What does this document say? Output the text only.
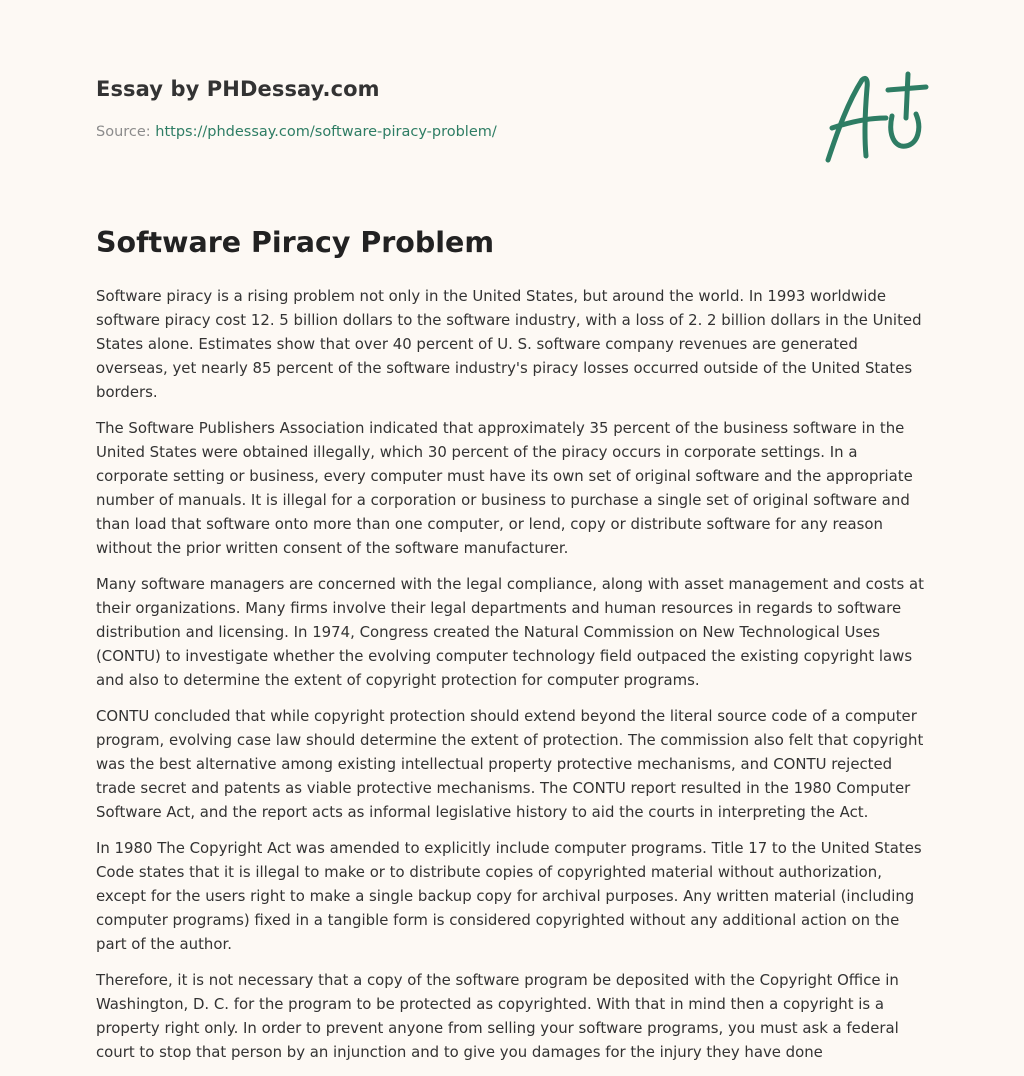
Essay by PHDessay.com
Source: https://phdessay.com/software-piracy-problem/
Software Piracy Problem

Software piracy is a rising problem not only in the United States, but around the world. In 1993 worldwide software piracy cost 12. 5 billion dollars to the software industry, with a loss of 2. 2 billion dollars in the United States alone. Estimates show that over 40 percent of U. S. software company revenues are generated overseas, yet nearly 85 percent of the software industry's piracy losses occurred outside of the United States borders.

The Software Publishers Association indicated that approximately 35 percent of the business software in the United States were obtained illegally, which 30 percent of the piracy occurs in corporate settings. In a corporate setting or business, every computer must have its own set of original software and the appropriate number of manuals. It is illegal for a corporation or business to purchase a single set of original software and than load that software onto more than one computer, or lend, copy or distribute software for any reason without the prior written consent of the software manufacturer.

Many software managers are concerned with the legal compliance, along with asset management and costs at their organizations. Many firms involve their legal departments and human resources in regards to software distribution and licensing. In 1974, Congress created the Natural Commission on New Technological Uses (CONTU) to investigate whether the evolving computer technology field outpaced the existing copyright laws and also to determine the extent of copyright protection for computer programs.

CONTU concluded that while copyright protection should extend beyond the literal source code of a computer program, evolving case law should determine the extent of protection. The commission also felt that copyright was the best alternative among existing intellectual property protective mechanisms, and CONTU rejected trade secret and patents as viable protective mechanisms. The CONTU report resulted in the 1980 Computer Software Act, and the report acts as informal legislative history to aid the courts in interpreting the Act.

In 1980 The Copyright Act was amended to explicitly include computer programs. Title 17 to the United States Code states that it is illegal to make or to distribute copies of copyrighted material without authorization, except for the users right to make a single backup copy for archival purposes. Any written material (including computer programs) fixed in a tangible form is considered copyrighted without any additional action on the part of the author.

Therefore, it is not necessary that a copy of the software program be deposited with the Copyright Office in Washington, D. C. for the program to be protected as copyrighted. With that in mind then a copyright is a property right only. In order to prevent anyone from selling your software programs, you must ask a federal court to stop that person by an injunction and to give you damages for the injury they have done
